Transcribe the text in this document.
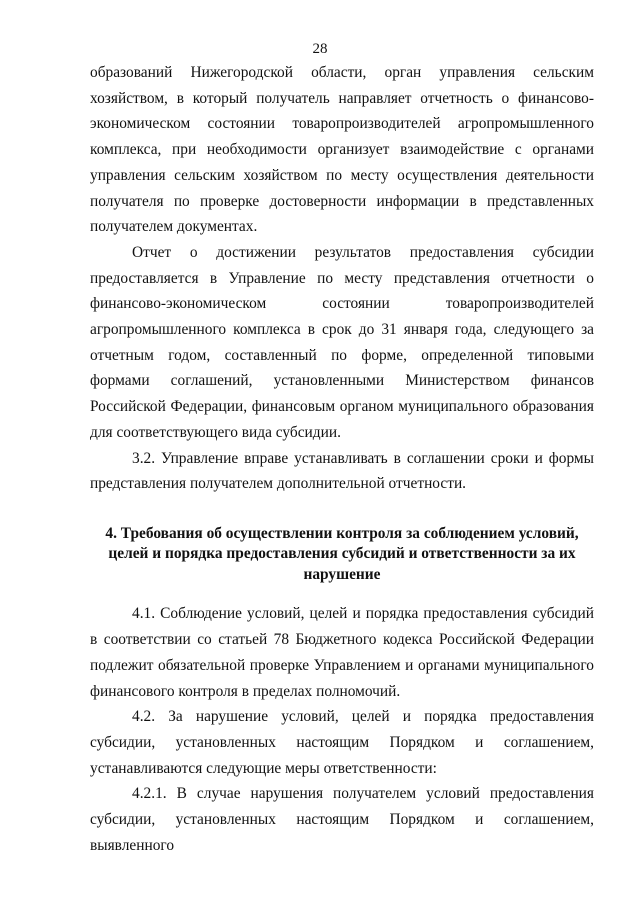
28

образований Нижегородской области, орган управления сельским хозяйством, в который получатель направляет отчетность о финансово-экономическом состоянии товаропроизводителей агропромышленного комплекса, при необходимости организует взаимодействие с органами управления сельским хозяйством по месту осуществления деятельности получателя по проверке достоверности информации в представленных получателем документах.

Отчет о достижении результатов предоставления субсидии предоставляется в Управление по месту представления отчетности о финансово-экономическом состоянии товаропроизводителей агропромышленного комплекса в срок до 31 января года, следующего за отчетным годом, составленный по форме, определенной типовыми формами соглашений, установленными Министерством финансов Российской Федерации, финансовым органом муниципального образования для соответствующего вида субсидии.

3.2. Управление вправе устанавливать в соглашении сроки и формы представления получателем дополнительной отчетности.

4. Требования об осуществлении контроля за соблюдением условий,
целей и порядка предоставления субсидий и ответственности за их
нарушение

4.1. Соблюдение условий, целей и порядка предоставления субсидий в соответствии со статьей 78 Бюджетного кодекса Российской Федерации подлежит обязательной проверке Управлением и органами муниципального финансового контроля в пределах полномочий.

4.2. За нарушение условий, целей и порядка предоставления субсидии, установленных настоящим Порядком и соглашением, устанавливаются следующие меры ответственности:

4.2.1. В случае нарушения получателем условий предоставления субсидии, установленных настоящим Порядком и соглашением, выявленного
